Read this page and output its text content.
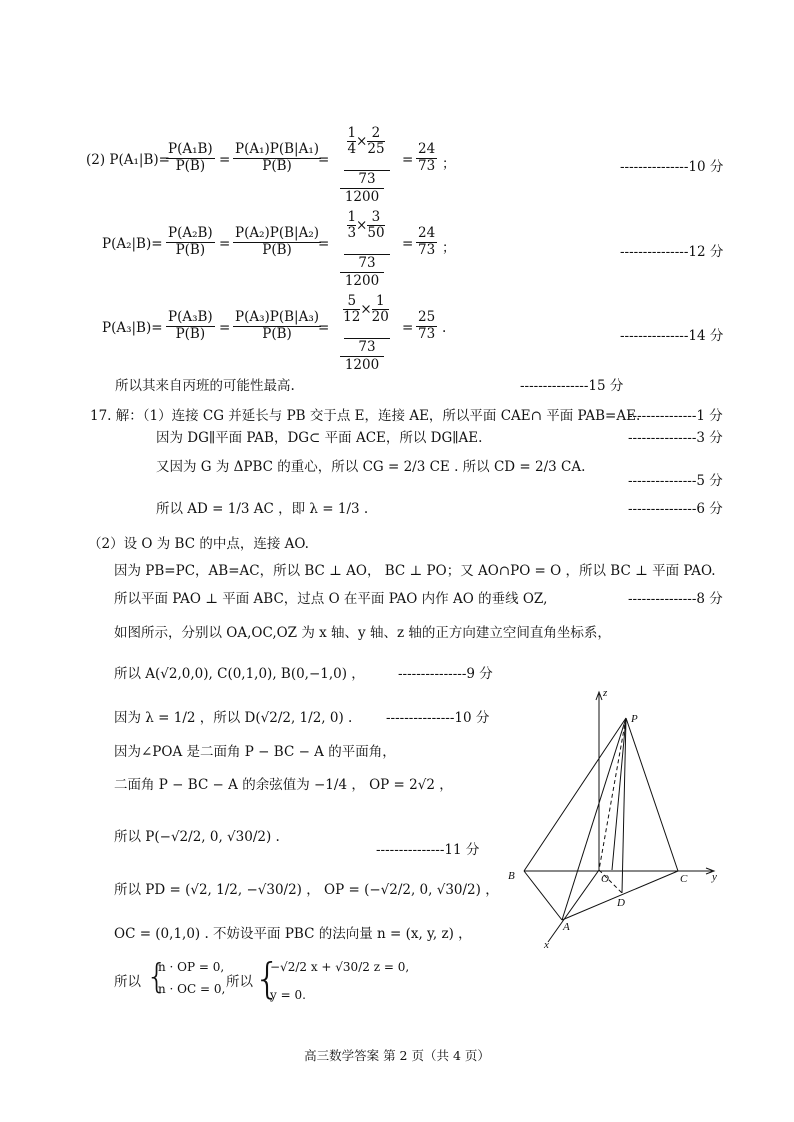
(2) P(A₁|B)=
$\frac{\text{P(A₁B)}}{P(B)} = \frac{\text{P(A₁)P(B|A₁)}}{P(B)}$
=
$\frac{1}{4} \times \frac{2}{25}$
73
1200
= $\frac{24}{73}$ ；	---------------10 分
$P(A_2|B)= \frac{\text{P(A₂B)}}{P(B)} = \frac{\text{P(A₂)P(B|A₂)}}{P(B)}$
=
$\frac{1}{3} \times \frac{3}{50}$
73
1200
= $\frac{24}{73}$ ；	---------------12 分
$P(A_3|B)= \frac{\text{P(A₃B)}}{P(B)} = \frac{\text{P(A₃)P(B|A₃)}}{P(B)}$
=
$\frac{5}{12} \times \frac{1}{20}$
73
1200
= $\frac{25}{73}$ .	---------------14 分
所以其来自丙班的可能性最高.	---------------15 分
17. 解：（1）连接 CG 并延长与 PB 交于点 E，连接 AE，所以平面 CAE∩ 平面 PAB=AE.
---------------1 分
因为 DG∥平面 PAB，DG⊂ 平面 ACE，所以 DG∥AE.	---------------3 分
又因为 G 为 ΔPBC 的重心，所以 CG = 2/3 CE . 所以 CD = 2/3 CA.
---------------5 分
所以 AD = 1/3 AC ，即 λ = 1/3 .	---------------6 分
（2）设 O 为 BC 的中点，连接 AO.
因为 PB=PC，AB=AC，所以 BC ⊥ AO， BC ⊥ PO；又 AO∩PO = O ，所以 BC ⊥ 平面 PAO.
所以平面 PAO ⊥ 平面 ABC，过点 O 在平面 PAO 内作 AO 的垂线 OZ,	---------------8 分
如图所示，分别以 OA,OC,OZ 为 x 轴、y 轴、z 轴的正方向建立空间直角坐标系，
所以 A(√2,0,0), C(0,1,0), B(0,−1,0) ， ---------------9 分
因为 λ = 1/2 ，所以 D(√2/2, 1/2, 0) . ---------------10 分
因为∠POA 是二面角 P − BC − A 的平面角，
二面角 P − BC − A 的余弦值为 −1/4 ， OP = 2√2 ，
所以 P(−√2/2, 0, √30/2) .
---------------11 分
所以 PD = (√2, 1/2, −√30/2) ， OP = (−√2/2, 0, √30/2) ，
OC = (0,1,0) . 不妨设平面 PBC 的法向量 n = (x, y, z) ，
所以 {
n · OP = 0,
n · OC = 0, 所以 {
−√2/2 x + √30/2 z = 0,
y = 0.
P
z
B	O	C y
D
A
x
高三数学答案 第 2 页（共 4 页）
